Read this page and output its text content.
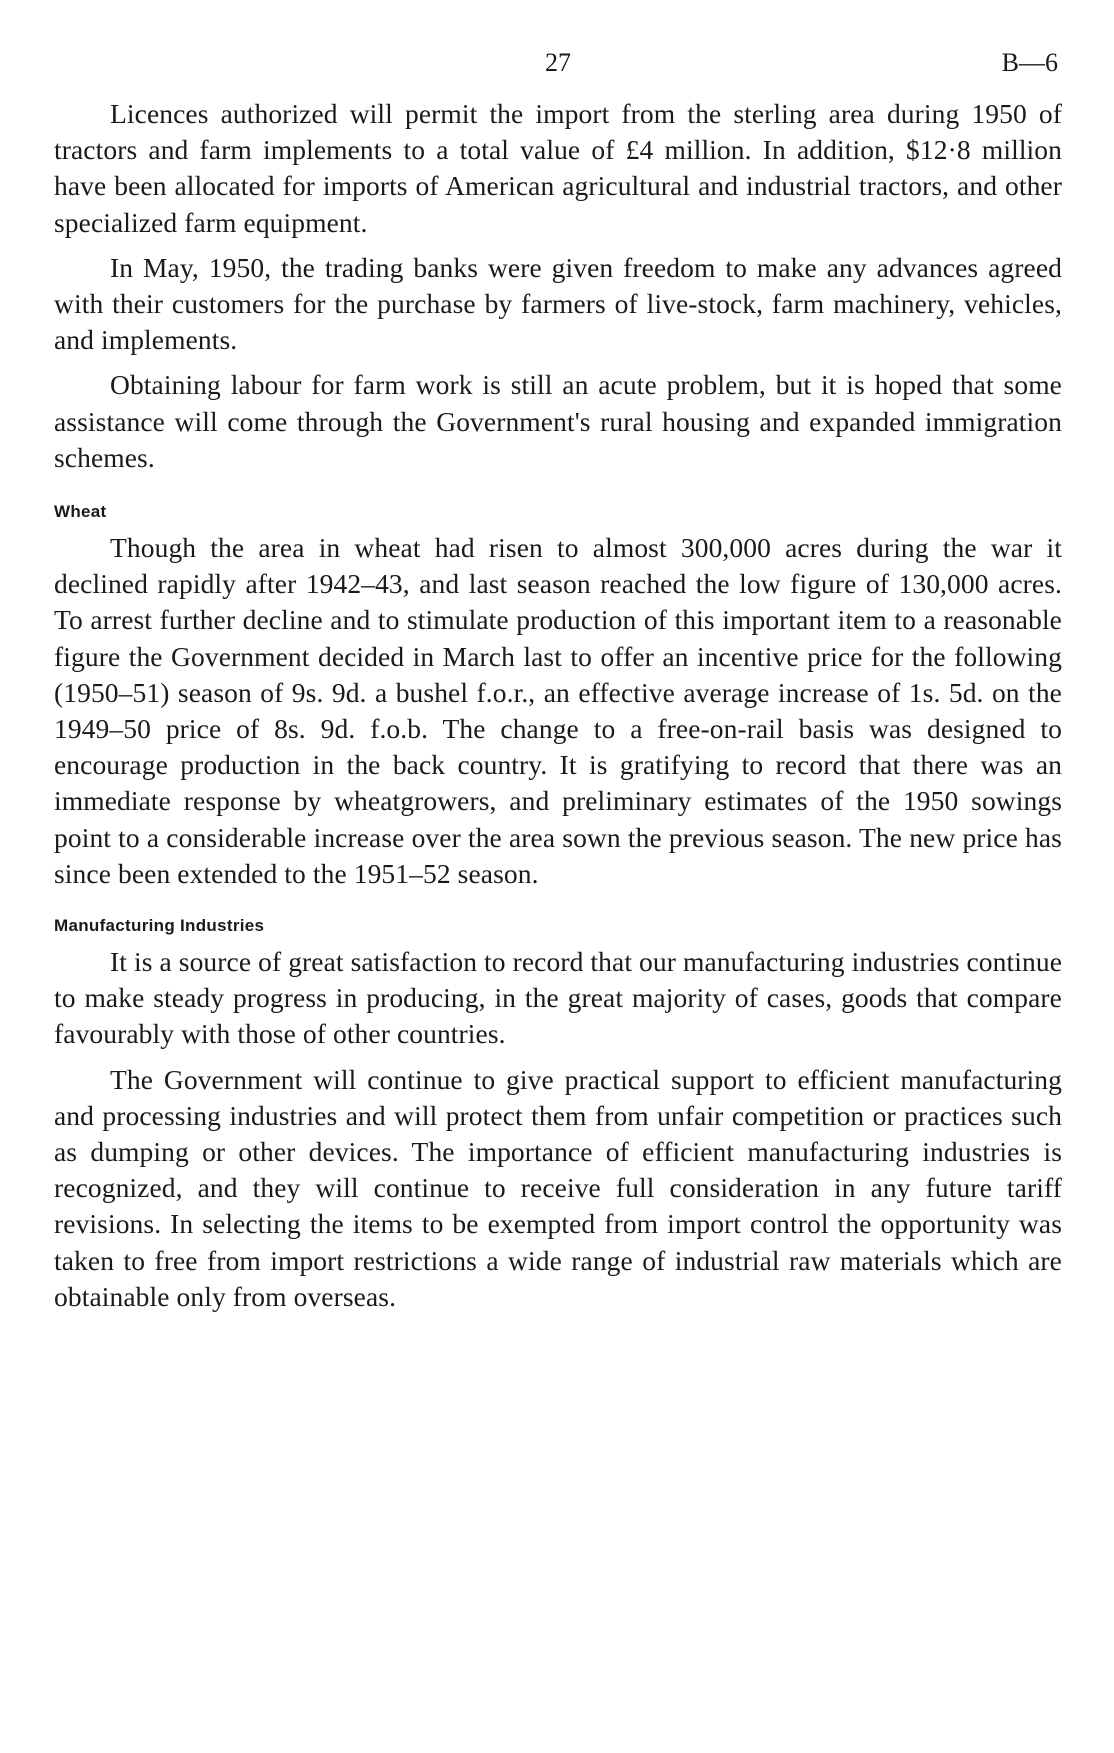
27	B—6

Licences authorized will permit the import from the sterling area during 1950 of tractors and farm implements to a total value of £4 million. In addition, $12·8 million have been allocated for imports of American agricultural and industrial tractors, and other specialized farm equipment.

In May, 1950, the trading banks were given freedom to make any advances agreed with their customers for the purchase by farmers of live-stock, farm machinery, vehicles, and implements.

Obtaining labour for farm work is still an acute problem, but it is hoped that some assistance will come through the Government's rural housing and expanded immigration schemes.

Wheat

Though the area in wheat had risen to almost 300,000 acres during the war it declined rapidly after 1942–43, and last season reached the low figure of 130,000 acres. To arrest further decline and to stimulate production of this important item to a reasonable figure the Government decided in March last to offer an incentive price for the following (1950–51) season of 9s. 9d. a bushel f.o.r., an effective average increase of 1s. 5d. on the 1949–50 price of 8s. 9d. f.o.b. The change to a free-on-rail basis was designed to encourage production in the back country. It is gratifying to record that there was an immediate response by wheatgrowers, and preliminary estimates of the 1950 sowings point to a considerable increase over the area sown the previous season. The new price has since been extended to the 1951–52 season.

Manufacturing Industries

It is a source of great satisfaction to record that our manufacturing industries continue to make steady progress in producing, in the great majority of cases, goods that compare favourably with those of other countries.

The Government will continue to give practical support to efficient manufacturing and processing industries and will protect them from unfair competition or practices such as dumping or other devices. The importance of efficient manufacturing industries is recognized, and they will continue to receive full consideration in any future tariff revisions. In selecting the items to be exempted from import control the opportunity was taken to free from import restrictions a wide range of industrial raw materials which are obtainable only from overseas.
